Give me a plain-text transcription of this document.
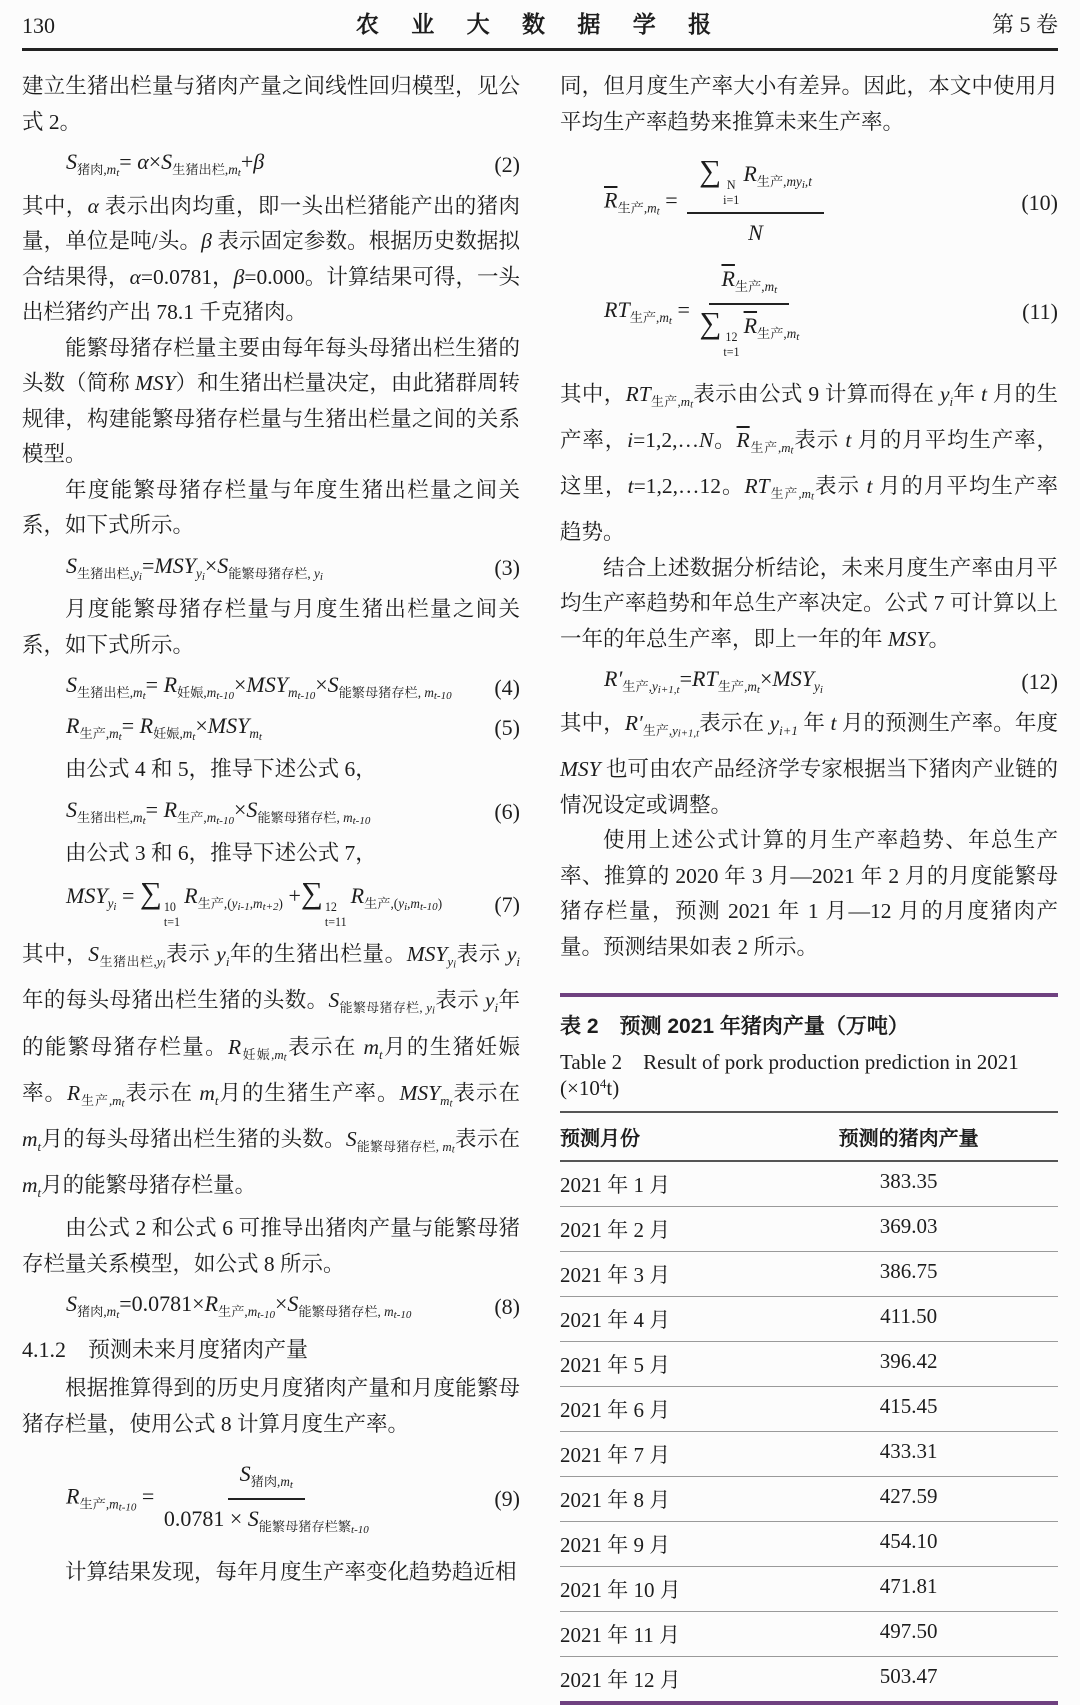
130	农 业 大 数 据 学 报	第 5 卷

建立生猪出栏量与猪肉产量之间线性回归模型，见公式 2。

$S_{猪肉,mt}= \alpha\times S_{生猪出栏,mt}+\beta$	(2)

其中，α 表示出肉均重，即一头出栏猪能产出的猪肉量，单位是吨/头。β 表示固定参数。根据历史数据拟合结果得，α=0.0781，β=0.000。计算结果可得，一头出栏猪约产出 78.1 千克猪肉。

能繁母猪存栏量主要由每年每头母猪出栏生猪的头数（简称 MSY）和生猪出栏量决定，由此猪群周转规律，构建能繁母猪存栏量与生猪出栏量之间的关系模型。

年度能繁母猪存栏量与年度生猪出栏量之间关系，如下式所示。

$S_{生猪出栏,yi}=MSY_{yi}\times S_{能繁母猪存栏,}$ $_{yi}$	(3)

月度能繁母猪存栏量与月度生猪出栏量之间关系，如下式所示。

$S_{生猪出栏,mt}= R_{妊娠,mt-10}\times MSY_{mt-10}\times S_{能繁母猪存栏,}$ $_{mt-10}$	(4)
$R_{生产,mt}= R_{妊娠,mt}\times MSY_{mt}$	(5)

由公式 4 和 5，推导下述公式 6，

$S_{生猪出栏,mt}= R_{生产,mt-10}\times S_{能繁母猪存栏,}$ $_{mt-10}$	(6)

由公式 3 和 6，推导下述公式 7，

$MSY_{yi}$ = ∑ 10
t=1
$R_{生产,(yi-1,mt+2)}$ +∑ 12
t=11
$R_{生产,(yi,mt-10)}$	(7)

其中，$S_{生猪出栏,yi}$表示 $y_i$年的生猪出栏量。$MSY_{yi}$表示 $y_i$年的每头母猪出栏生猪的头数。$S_{能繁母猪存栏,}$ $_{yi}$表示 $y_i$年的能繁母猪存栏量。$R_{妊娠,mt}$表示在 $m_t$月的生猪妊娠率。$R_{生产,mt}$表示在 $m_t$月的生猪生产率。$MSY_{mt}$表示在 $m_t$月的每头母猪出栏生猪的头数。$S_{能繁母猪存栏,}$ $_{mt}$表示在 $m_t$月的能繁母猪存栏量。

由公式 2 和公式 6 可推导出猪肉产量与能繁母猪存栏量关系模型，如公式 8 所示。

$S_{猪肉,mt}=0.0781\times R_{生产,mt-10}\times S_{能繁母猪存栏,}$ $_{mt-10}$	(8)

4.1.2　预测未来月度猪肉产量

根据推算得到的历史月度猪肉产量和月度能繁母猪存栏量，使用公式 8 计算月度生产率。

$R_{生产,mt-10} = \frac{S_{猪肉,mt}}{0.0781 \times S_{能繁母猪存栏繁t-10}}$	(9)

计算结果发现，每年月度生产率变化趋势趋近相

同，但月度生产率大小有差异。因此，本文中使用月平均生产率趋势来推算未来生产率。

$\overline{R}_{生产,mt}$ = ∑ N
i=1
$R_{生产,myi,t}$
N	(10)
$RT_{生产,mt} = \overline{R}_{生产,mt}$
∑ 12
t=1
$\overline{R}_{生产,mt}$	(11)

其中，$RT_{生产,mt}$表示由公式 9 计算而得在 $y_i$年 t 月的生产率，i=1,2,…N。$\overline{R}_{生产,mt}$表示 t 月的月平均生产率，这里，t=1,2,…12。$RT_{生产,mt}$表示 t 月的月平均生产率趋势。

结合上述数据分析结论，未来月度生产率由月平均生产率趋势和年总生产率决定。公式 7 可计算以上一年的年总生产率，即上一年的年 MSY。

$R'_{生产,yi+1,t}=RT_{生产,mt}\times MSY_{yi}$	(12)

其中，$R'_{生产,yi+1,t}$表示在 $y_{i+1}$ 年 t 月的预测生产率。年度 MSY 也可由农产品经济学专家根据当下猪肉产业链的情况设定或调整。

使用上述公式计算的月生产率趋势、年总生产率、推算的 2020 年 3 月—2021 年 2 月的月度能繁母猪存栏量，预测 2021 年 1 月—12 月的月度猪肉产量。预测结果如表 2 所示。

表 2　预测 2021 年猪肉产量（万吨）
Table 2　Result of pork production prediction in 2021 $(\times 10^4t)$
预测月份	预测的猪肉产量
2021 年 1 月	383.35
2021 年 2 月	369.03
2021 年 3 月	386.75
2021 年 4 月	411.50
2021 年 5 月	396.42
2021 年 6 月	415.45
2021 年 7 月	433.31
2021 年 8 月	427.59
2021 年 9 月	454.10
2021 年 10 月	471.81
2021 年 11 月	497.50
2021 年 12 月	503.47
